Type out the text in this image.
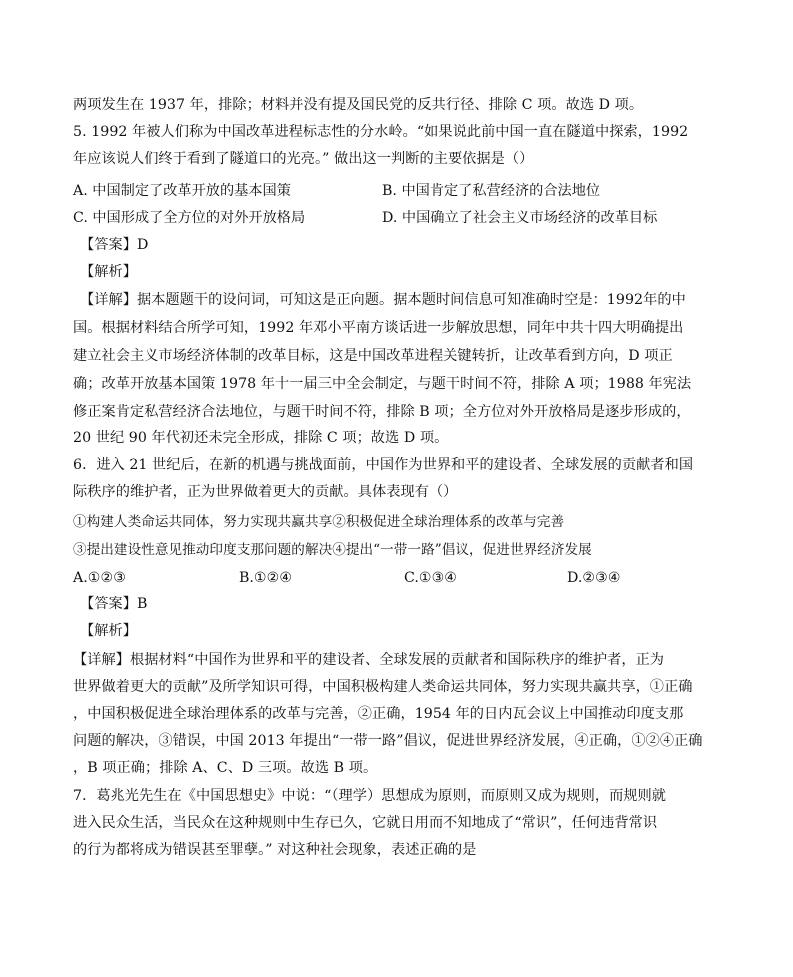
两项发生在 1937 年，排除；材料并没有提及国民党的反共行径、排除 C 项。故选 D 项。
5. 1992 年被人们称为中国改革进程标志性的分水岭。“如果说此前中国一直在隧道中探索，1992
年应该说人们终于看到了隧道口的光亮。” 做出这一判断的主要依据是（）
A. 中国制定了改革开放的基本国策	B. 中国肯定了私营经济的合法地位
C. 中国形成了全方位的对外开放格局	D. 中国确立了社会主义市场经济的改革目标
【答案】D
【解析】
【详解】据本题题干的设问词，可知这是正向题。据本题时间信息可知准确时空是：1992年的中
国。根据材料结合所学可知，1992 年邓小平南方谈话进一步解放思想，同年中共十四大明确提出
建立社会主义市场经济体制的改革目标，这是中国改革进程关键转折，让改革看到方向，D 项正
确；改革开放基本国策 1978 年十一届三中全会制定，与题干时间不符，排除 A 项；1988 年宪法
修正案肯定私营经济合法地位，与题干时间不符，排除 B 项；全方位对外开放格局是逐步形成的，
20 世纪 90 年代初还未完全形成，排除 C 项；故选 D 项。
6．进入 21 世纪后，在新的机遇与挑战面前，中国作为世界和平的建设者、全球发展的贡献者和国
际秩序的维护者，正为世界做着更大的贡献。具体表现有（）
①构建人类命运共同体，努力实现共赢共享②积极促进全球治理体系的改革与完善
③提出建设性意见推动印度支那问题的解决④提出“一带一路”倡议，促进世界经济发展
A.①②③	B.①②④	C.①③④	D.②③④
【答案】B
【解析】
【详解】根据材料“中国作为世界和平的建设者、全球发展的贡献者和国际秩序的维护者，正为
世界做着更大的贡献”及所学知识可得，中国积极构建人类命运共同体，努力实现共赢共享，①正确
，中国积极促进全球治理体系的改革与完善，②正确，1954 年的日内瓦会议上中国推动印度支那
问题的解决，③错误，中国 2013 年提出“一带一路”倡议，促进世界经济发展，④正确，①②④正确
，B 项正确；排除 A、C、D 三项。故选 B 项。
7．葛兆光先生在《中国思想史》中说：“（理学）思想成为原则，而原则又成为规则，而规则就
进入民众生活，当民众在这种规则中生存已久，它就日用而不知地成了“常识”，任何违背常识
的行为都将成为错误甚至罪孽。” 对这种社会现象，表述正确的是
